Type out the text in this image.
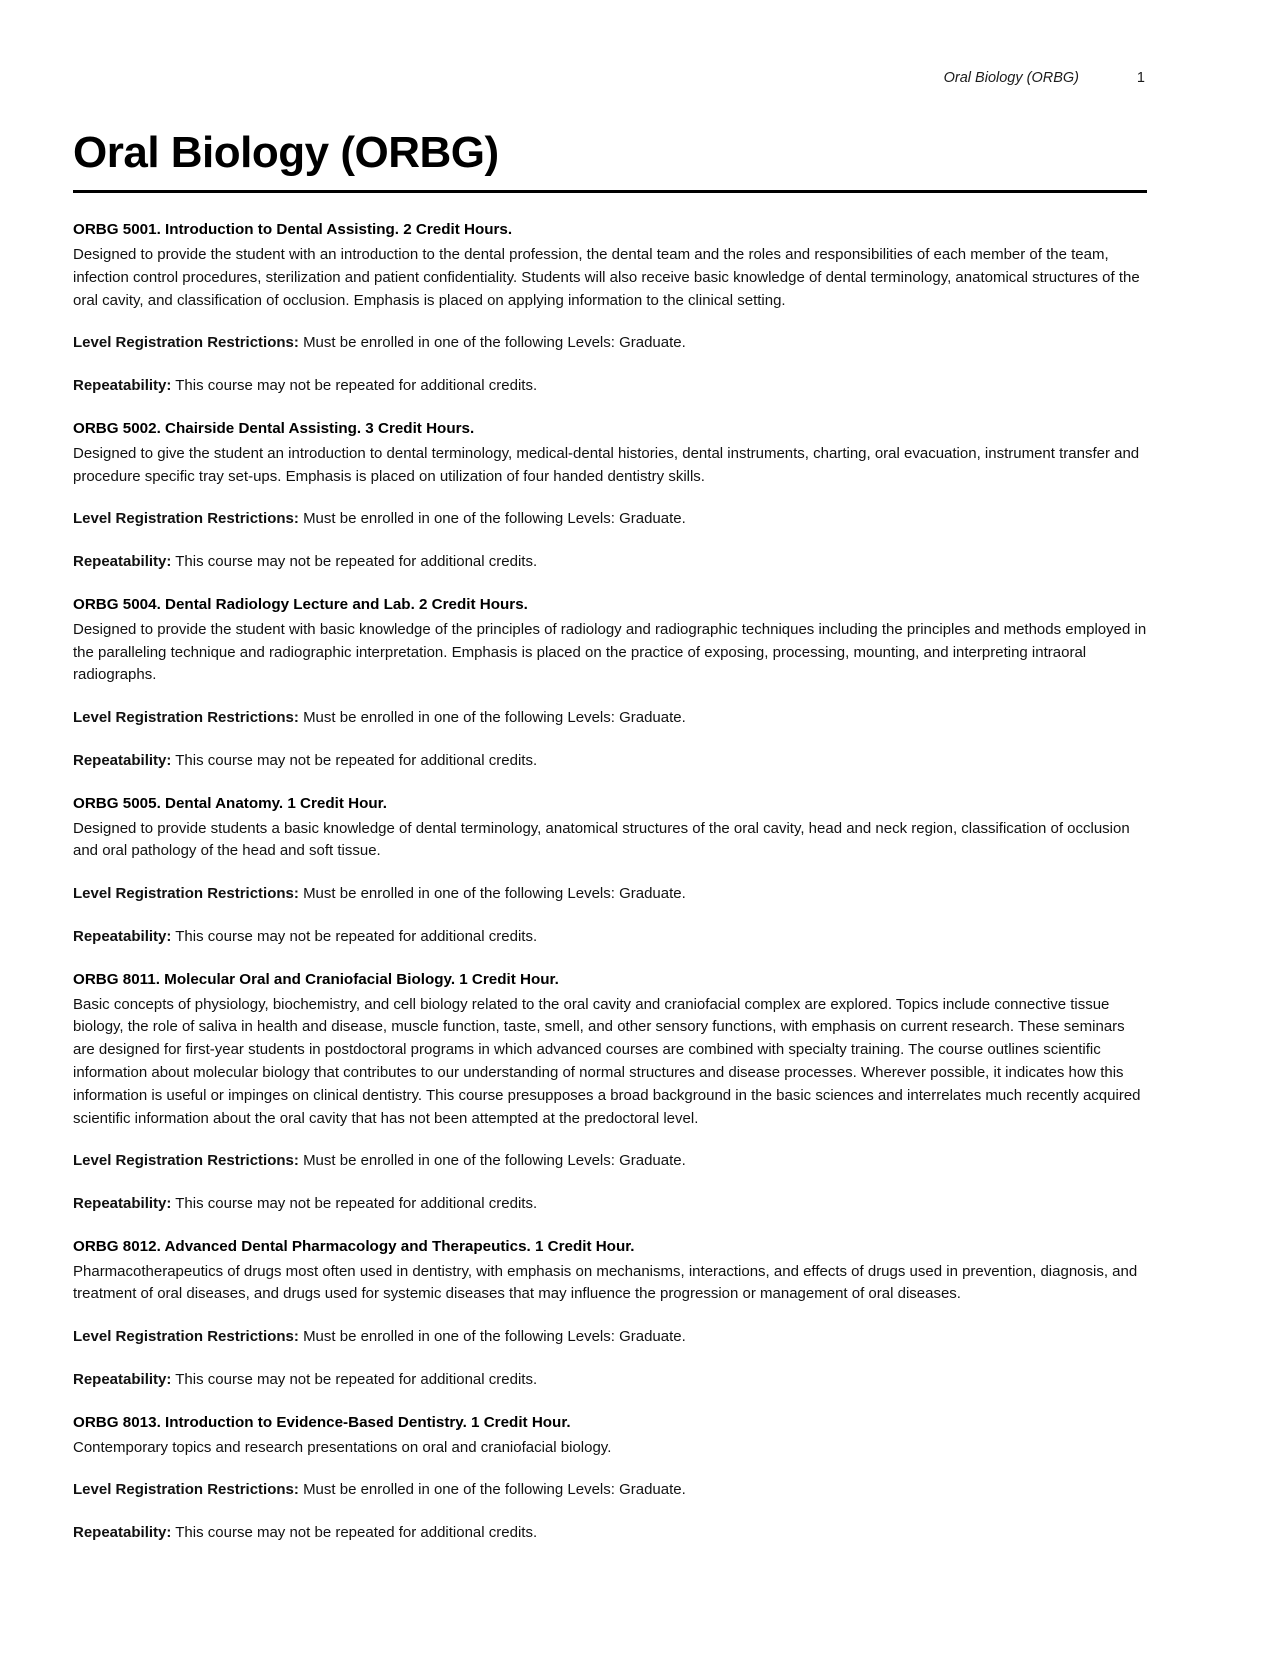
Oral Biology (ORBG)	1
Oral Biology (ORBG)

ORBG 5001. Introduction to Dental Assisting. 2 Credit Hours.

Designed to provide the student with an introduction to the dental profession, the dental team and the roles and responsibilities of each member of the team, infection control procedures, sterilization and patient confidentiality. Students will also receive basic knowledge of dental terminology, anatomical structures of the oral cavity, and classification of occlusion. Emphasis is placed on applying information to the clinical setting.

Level Registration Restrictions: Must be enrolled in one of the following Levels: Graduate.

Repeatability: This course may not be repeated for additional credits.

ORBG 5002. Chairside Dental Assisting. 3 Credit Hours.

Designed to give the student an introduction to dental terminology, medical-dental histories, dental instruments, charting, oral evacuation, instrument transfer and procedure specific tray set-ups. Emphasis is placed on utilization of four handed dentistry skills.

Level Registration Restrictions: Must be enrolled in one of the following Levels: Graduate.

Repeatability: This course may not be repeated for additional credits.

ORBG 5004. Dental Radiology Lecture and Lab. 2 Credit Hours.

Designed to provide the student with basic knowledge of the principles of radiology and radiographic techniques including the principles and methods employed in the paralleling technique and radiographic interpretation. Emphasis is placed on the practice of exposing, processing, mounting, and interpreting intraoral radiographs.

Level Registration Restrictions: Must be enrolled in one of the following Levels: Graduate.

Repeatability: This course may not be repeated for additional credits.

ORBG 5005. Dental Anatomy. 1 Credit Hour.

Designed to provide students a basic knowledge of dental terminology, anatomical structures of the oral cavity, head and neck region, classification of occlusion and oral pathology of the head and soft tissue.

Level Registration Restrictions: Must be enrolled in one of the following Levels: Graduate.

Repeatability: This course may not be repeated for additional credits.

ORBG 8011. Molecular Oral and Craniofacial Biology. 1 Credit Hour.

Basic concepts of physiology, biochemistry, and cell biology related to the oral cavity and craniofacial complex are explored. Topics include connective tissue biology, the role of saliva in health and disease, muscle function, taste, smell, and other sensory functions, with emphasis on current research. These seminars are designed for first-year students in postdoctoral programs in which advanced courses are combined with specialty training. The course outlines scientific information about molecular biology that contributes to our understanding of normal structures and disease processes. Wherever possible, it indicates how this information is useful or impinges on clinical dentistry. This course presupposes a broad background in the basic sciences and interrelates much recently acquired scientific information about the oral cavity that has not been attempted at the predoctoral level.

Level Registration Restrictions: Must be enrolled in one of the following Levels: Graduate.

Repeatability: This course may not be repeated for additional credits.

ORBG 8012. Advanced Dental Pharmacology and Therapeutics. 1 Credit Hour.

Pharmacotherapeutics of drugs most often used in dentistry, with emphasis on mechanisms, interactions, and effects of drugs used in prevention, diagnosis, and treatment of oral diseases, and drugs used for systemic diseases that may influence the progression or management of oral diseases.

Level Registration Restrictions: Must be enrolled in one of the following Levels: Graduate.

Repeatability: This course may not be repeated for additional credits.

ORBG 8013. Introduction to Evidence-Based Dentistry. 1 Credit Hour.

Contemporary topics and research presentations on oral and craniofacial biology.

Level Registration Restrictions: Must be enrolled in one of the following Levels: Graduate.

Repeatability: This course may not be repeated for additional credits.
